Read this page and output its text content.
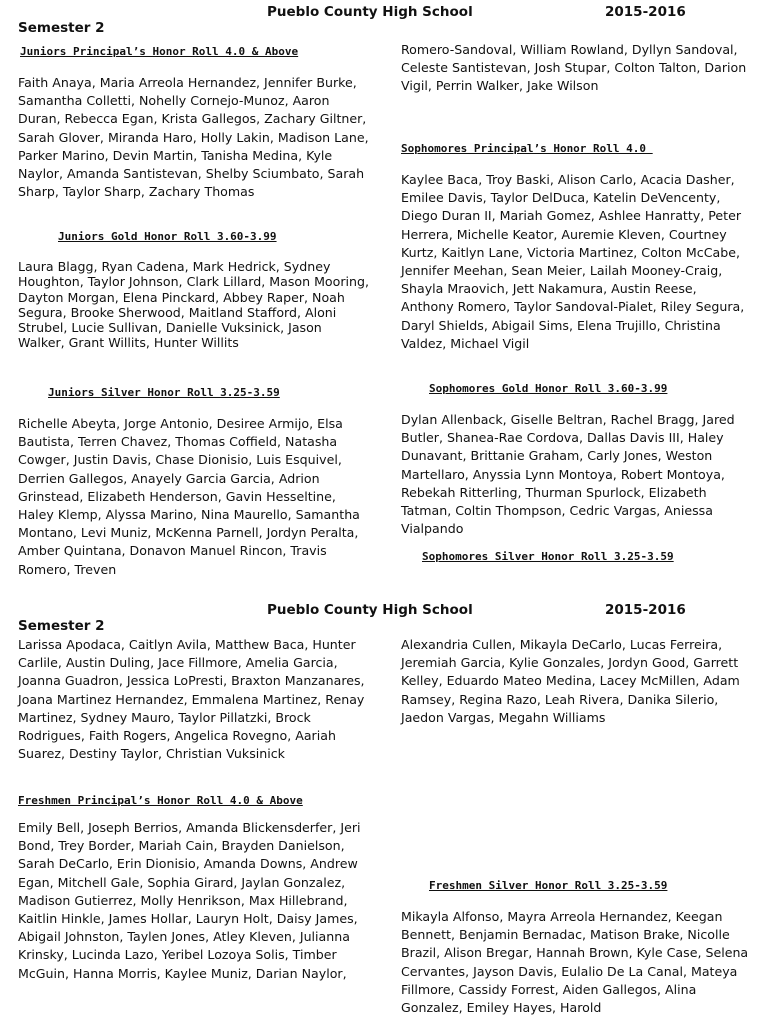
Pueblo County High School	2015-2016
Semester 2
Juniors Principal’s Honor Roll 4.0 & Above

Faith Anaya, Maria Arreola Hernandez, Jennifer Burke, Samantha Colletti, Nohelly Cornejo-Munoz, Aaron Duran, Rebecca Egan, Krista Gallegos, Zachary Giltner, Sarah Glover, Miranda Haro, Holly Lakin, Madison Lane, Parker Marino, Devin Martin, Tanisha Medina, Kyle Naylor, Amanda Santistevan, Shelby Sciumbato, Sarah Sharp, Taylor Sharp, Zachary Thomas

Juniors Gold Honor Roll 3.60-3.99

Laura Blagg, Ryan Cadena, Mark Hedrick, Sydney Houghton, Taylor Johnson, Clark Lillard, Mason Mooring, Dayton Morgan, Elena Pinckard, Abbey Raper, Noah Segura, Brooke Sherwood, Maitland Stafford, Aloni Strubel, Lucie Sullivan, Danielle Vuksinick, Jason Walker, Grant Willits, Hunter Willits

Juniors Silver Honor Roll 3.25-3.59

Richelle Abeyta, Jorge Antonio, Desiree Armijo, Elsa Bautista, Terren Chavez, Thomas Coffield, Natasha Cowger, Justin Davis, Chase Dionisio, Luis Esquivel, Derrien Gallegos, Anayely Garcia Garcia, Adrion Grinstead, Elizabeth Henderson, Gavin Hesseltine, Haley Klemp, Alyssa Marino, Nina Maurello, Samantha Montano, Levi Muniz, McKenna Parnell, Jordyn Peralta, Amber Quintana, Donavon Manuel Rincon, Travis Romero, Treven

Romero-Sandoval, William Rowland, Dyllyn Sandoval, Celeste Santistevan, Josh Stupar, Colton Talton, Darion Vigil, Perrin Walker, Jake Wilson

Sophomores Principal’s Honor Roll 4.0

Kaylee Baca, Troy Baski, Alison Carlo, Acacia Dasher, Emilee Davis, Taylor DelDuca, Katelin DeVencenty, Diego Duran II, Mariah Gomez, Ashlee Hanratty, Peter Herrera, Michelle Keator, Auremie Kleven, Courtney Kurtz, Kaitlyn Lane, Victoria Martinez, Colton McCabe, Jennifer Meehan, Sean Meier, Lailah Mooney-Craig, Shayla Mraovich, Jett Nakamura, Austin Reese, Anthony Romero, Taylor Sandoval-Pialet, Riley Segura, Daryl Shields, Abigail Sims, Elena Trujillo, Christina Valdez, Michael Vigil

Sophomores Gold Honor Roll 3.60-3.99

Dylan Allenback, Giselle Beltran, Rachel Bragg, Jared Butler, Shanea-Rae Cordova, Dallas Davis III, Haley Dunavant, Brittanie Graham, Carly Jones, Weston Martellaro, Anyssia Lynn Montoya, Robert Montoya, Rebekah Ritterling, Thurman Spurlock, Elizabeth Tatman, Coltin Thompson, Cedric Vargas, Aniessa Vialpando

Sophomores Silver Honor Roll 3.25-3.59
Pueblo County High School	2015-2016
Semester 2

Larissa Apodaca, Caitlyn Avila, Matthew Baca, Hunter Carlile, Austin Duling, Jace Fillmore, Amelia Garcia, Joanna Guadron, Jessica LoPresti, Braxton Manzanares, Joana Martinez Hernandez, Emmalena Martinez, Renay Martinez, Sydney Mauro, Taylor Pillatzki, Brock Rodrigues, Faith Rogers, Angelica Rovegno, Aariah Suarez, Destiny Taylor, Christian Vuksinick

Freshmen Principal’s Honor Roll 4.0 & Above

Emily Bell, Joseph Berrios, Amanda Blickensderfer, Jeri Bond, Trey Border, Mariah Cain, Brayden Danielson, Sarah DeCarlo, Erin Dionisio, Amanda Downs, Andrew Egan, Mitchell Gale, Sophia Girard, Jaylan Gonzalez, Madison Gutierrez, Molly Henrikson, Max Hillebrand, Kaitlin Hinkle, James Hollar, Lauryn Holt, Daisy James, Abigail Johnston, Taylen Jones, Atley Kleven, Julianna Krinsky, Lucinda Lazo, Yeribel Lozoya Solis, Timber McGuin, Hanna Morris, Kaylee Muniz, Darian Naylor,

Alexandria Cullen, Mikayla DeCarlo, Lucas Ferreira, Jeremiah Garcia, Kylie Gonzales, Jordyn Good, Garrett Kelley, Eduardo Mateo Medina, Lacey McMillen, Adam Ramsey, Regina Razo, Leah Rivera, Danika Silerio, Jaedon Vargas, Megahn Williams

Freshmen Silver Honor Roll 3.25-3.59

Mikayla Alfonso, Mayra Arreola Hernandez, Keegan Bennett, Benjamin Bernadac, Matison Brake, Nicolle Brazil, Alison Bregar, Hannah Brown, Kyle Case, Selena Cervantes, Jayson Davis, Eulalio De La Canal, Mateya Fillmore, Cassidy Forrest, Aiden Gallegos, Alina Gonzalez, Emiley Hayes, Harold
